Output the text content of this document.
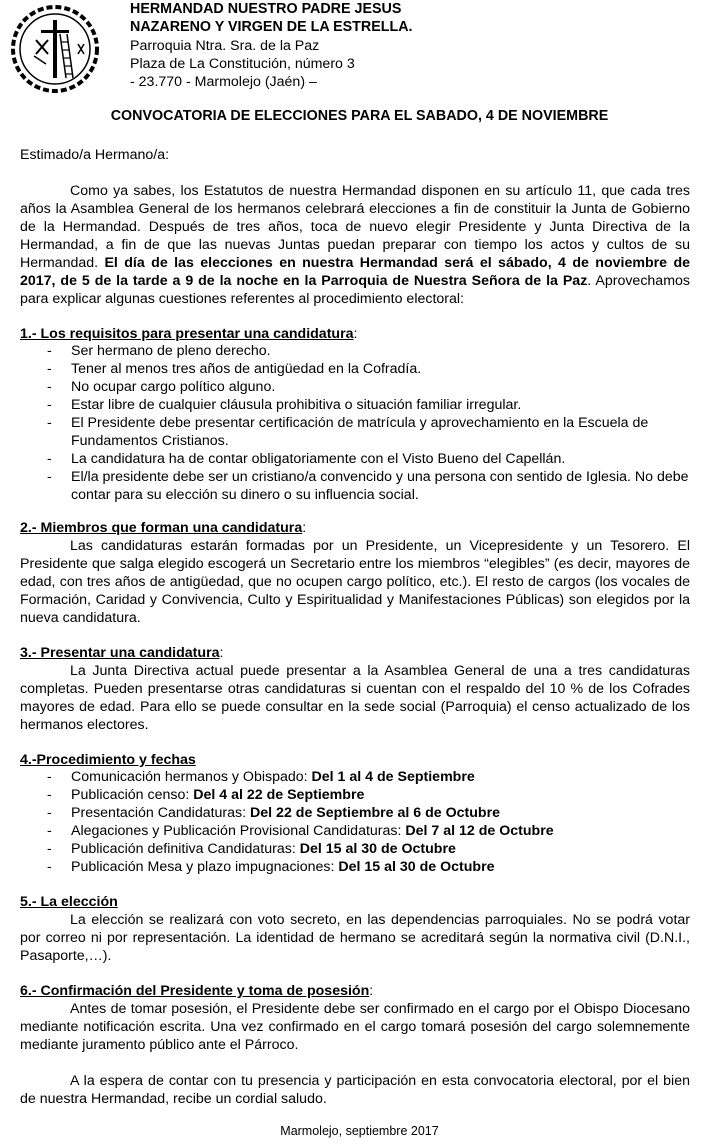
HERMANDAD NUESTRO PADRE JESUS
NAZARENO Y VIRGEN DE LA ESTRELLA.
Parroquia Ntra. Sra. de la Paz
Plaza de La Constitución, número 3
- 23.770 - Marmolejo (Jaén) –
CONVOCATORIA DE ELECCIONES PARA EL SABADO, 4 DE NOVIEMBRE
Estimado/a Hermano/a:
Como ya sabes, los Estatutos de nuestra Hermandad disponen en su artículo 11, que cada tres años la Asamblea General de los hermanos celebrará elecciones a fin de constituir la Junta de Gobierno de la Hermandad. Después de tres años, toca de nuevo elegir Presidente y Junta Directiva de la Hermandad, a fin de que las nuevas Juntas puedan preparar con tiempo los actos y cultos de su Hermandad. El día de las elecciones en nuestra Hermandad será el sábado, 4 de noviembre de 2017, de 5 de la tarde a 9 de la noche en la Parroquia de Nuestra Señora de la Paz. Aprovechamos para explicar algunas cuestiones referentes al procedimiento electoral:
1.- Los requisitos para presentar una candidatura:
- Ser hermano de pleno derecho.
- Tener al menos tres años de antigüedad en la Cofradía.
- No ocupar cargo político alguno.
- Estar libre de cualquier cláusula prohibitiva o situación familiar irregular.
- El Presidente debe presentar certificación de matrícula y aprovechamiento en la Escuela de Fundamentos Cristianos.
- La candidatura ha de contar obligatoriamente con el Visto Bueno del Capellán.
- El/la presidente debe ser un cristiano/a convencido y una persona con sentido de Iglesia. No debe contar para su elección su dinero o su influencia social.
2.- Miembros que forman una candidatura:
Las candidaturas estarán formadas por un Presidente, un Vicepresidente y un Tesorero. El Presidente que salga elegido escogerá un Secretario entre los miembros “elegibles” (es decir, mayores de edad, con tres años de antigüedad, que no ocupen cargo político, etc.). El resto de cargos (los vocales de Formación, Caridad y Convivencia, Culto y Espiritualidad y Manifestaciones Públicas) son elegidos por la nueva candidatura.
3.- Presentar una candidatura:
La Junta Directiva actual puede presentar a la Asamblea General de una a tres candidaturas completas. Pueden presentarse otras candidaturas si cuentan con el respaldo del 10 % de los Cofrades mayores de edad. Para ello se puede consultar en la sede social (Parroquia) el censo actualizado de los hermanos electores.
4.-Procedimiento y fechas
- Comunicación hermanos y Obispado: Del 1 al 4 de Septiembre
- Publicación censo: Del 4 al 22 de Septiembre
- Presentación Candidaturas: Del 22 de Septiembre al 6 de Octubre
- Alegaciones y Publicación Provisional Candidaturas: Del 7 al 12 de Octubre
- Publicación definitiva Candidaturas: Del 15 al 30 de Octubre
- Publicación Mesa y plazo impugnaciones: Del 15 al 30 de Octubre
5.- La elección
La elección se realizará con voto secreto, en las dependencias parroquiales. No se podrá votar por correo ni por representación. La identidad de hermano se acreditará según la normativa civil (D.N.I., Pasaporte,…).
6.- Confirmación del Presidente y toma de posesión:
Antes de tomar posesión, el Presidente debe ser confirmado en el cargo por el Obispo Diocesano mediante notificación escrita. Una vez confirmado en el cargo tomará posesión del cargo solemnemente mediante juramento público ante el Párroco.
A la espera de contar con tu presencia y participación en esta convocatoria electoral, por el bien de nuestra Hermandad, recibe un cordial saludo.
Marmolejo, septiembre 2017
